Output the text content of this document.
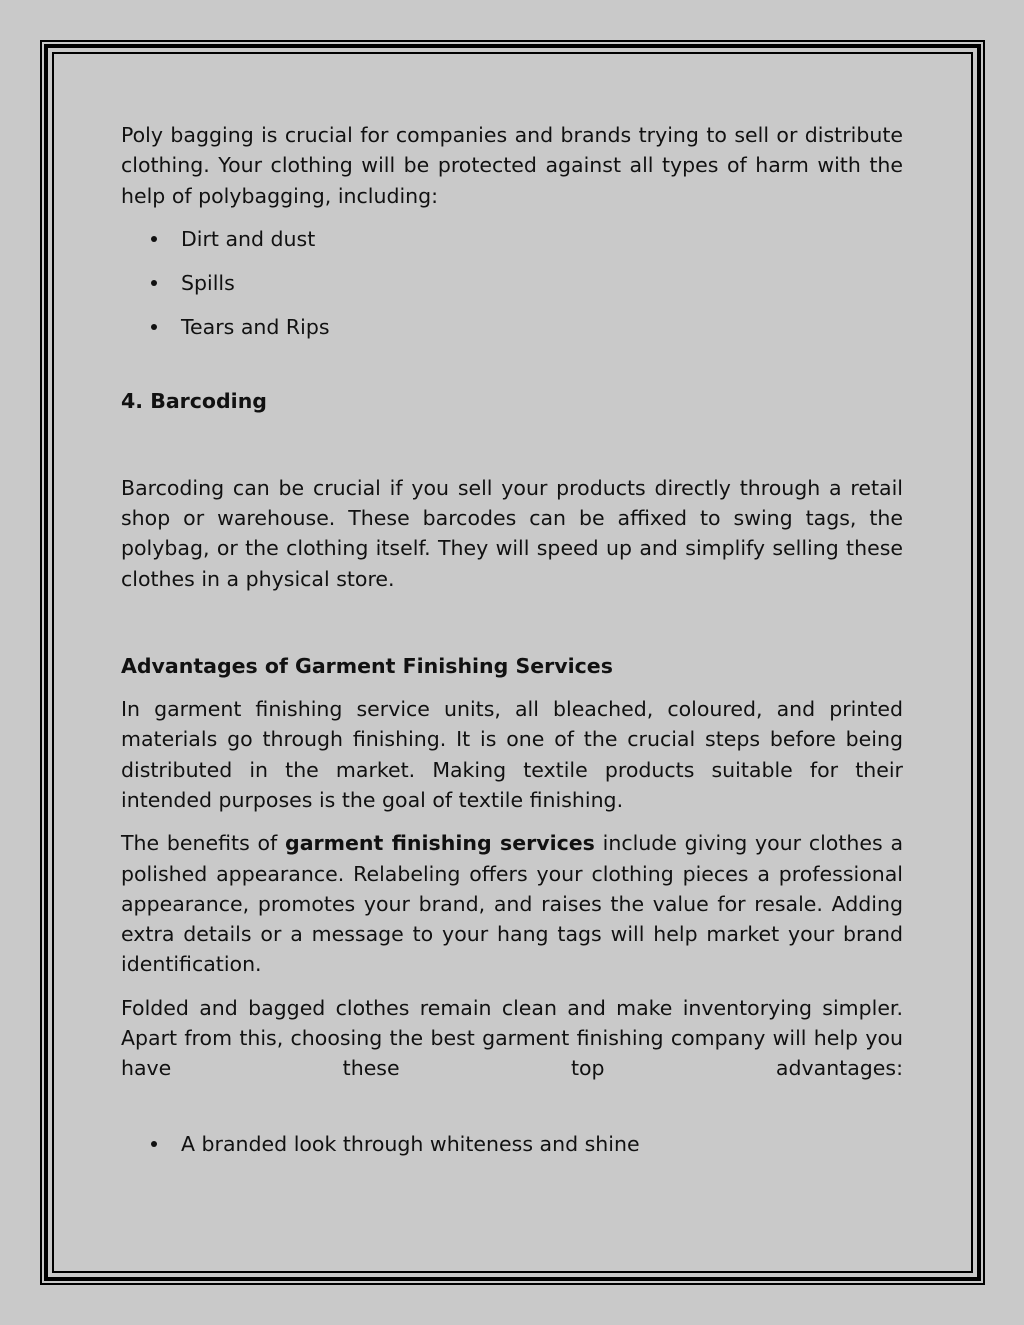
Poly bagging is crucial for companies and brands trying to sell or distribute clothing. Your clothing will be protected against all types of harm with the help of polybagging, including:

Dirt and dust
Spills
Tears and Rips
4. Barcoding

Barcoding can be crucial if you sell your products directly through a retail shop or warehouse. These barcodes can be affixed to swing tags, the polybag, or the clothing itself. They will speed up and simplify selling these clothes in a physical store.

Advantages of Garment Finishing Services

In garment finishing service units, all bleached, coloured, and printed materials go through finishing. It is one of the crucial steps before being distributed in the market. Making textile products suitable for their intended purposes is the goal of textile finishing.

The benefits of garment finishing services include giving your clothes a polished appearance. Relabeling offers your clothing pieces a professional appearance, promotes your brand, and raises the value for resale. Adding extra details or a message to your hang tags will help market your brand identification.

Folded and bagged clothes remain clean and make inventorying simpler. Apart from this, choosing the best garment finishing company will help you have these top advantages:

A branded look through whiteness and shine
